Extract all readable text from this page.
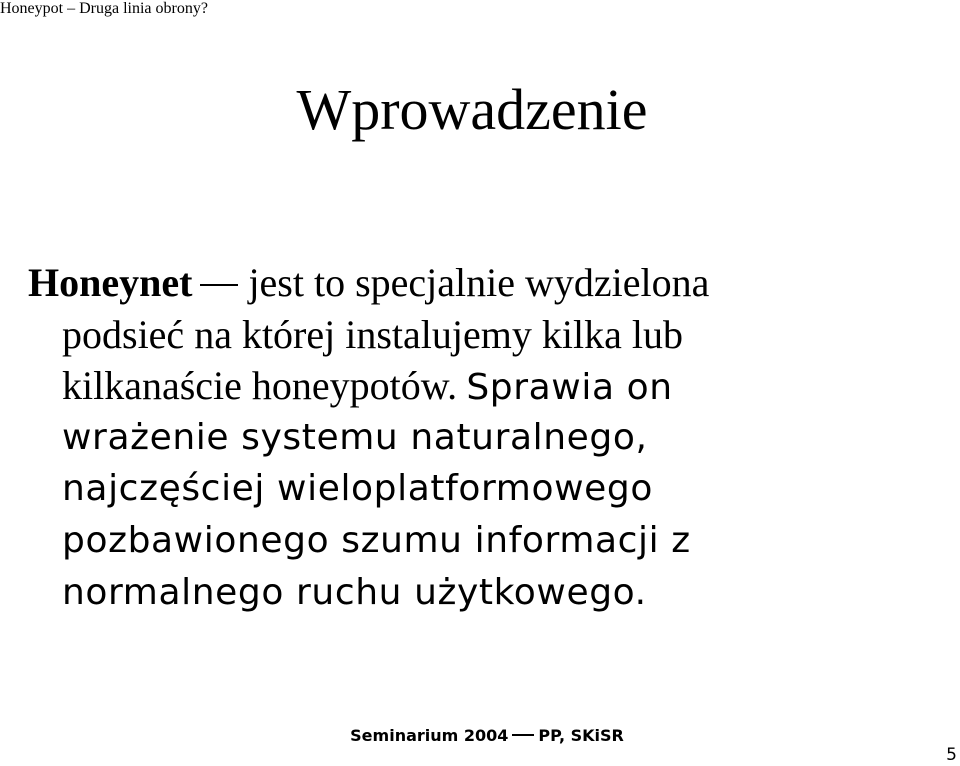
Honeypot – Druga linia obrony?
Wprowadzenie
Honeynet jest to specjalnie wydzielona
podsieć na której instalujemy kilka lub
kilkanaście honeypotów. Sprawia on
wrażenie systemu naturalnego,
najczęściej wieloplatformowego
pozbawionego szumu informacji z
normalnego ruchu użytkowego.
Seminarium 2004 PP, SKiSR
5
